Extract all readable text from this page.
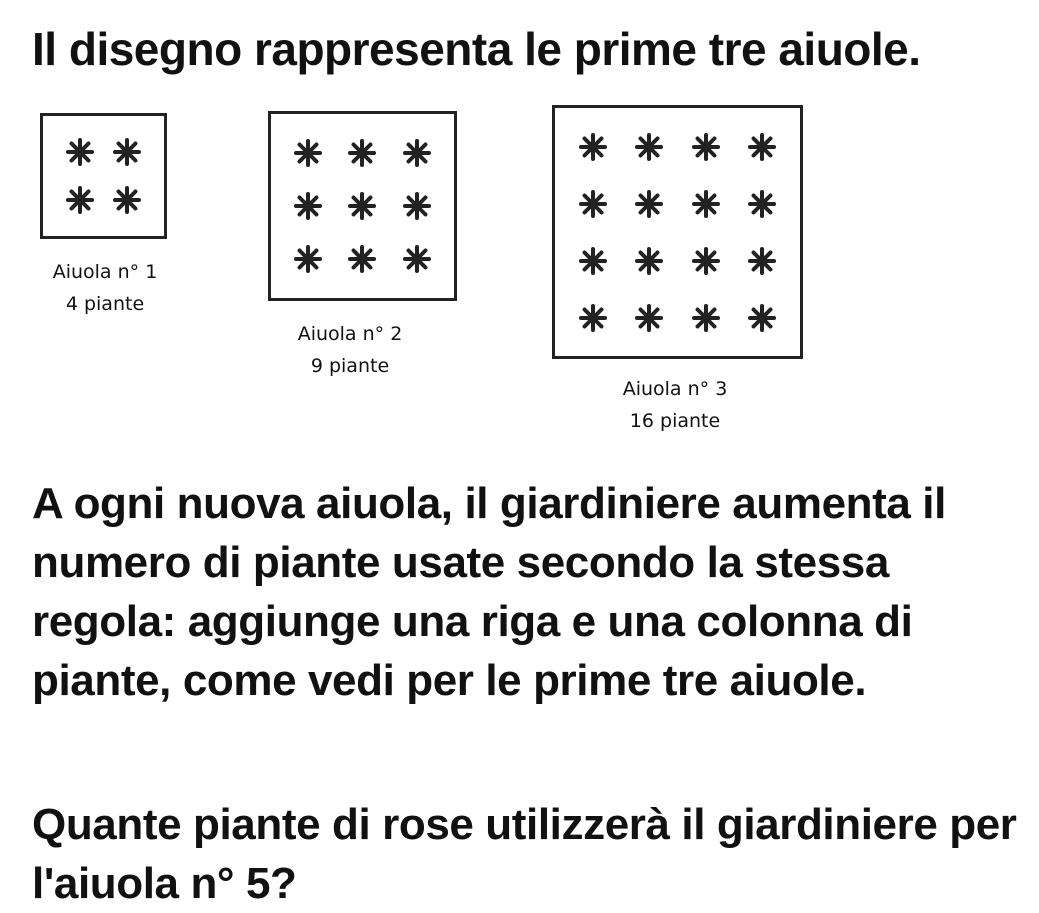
Il disegno rappresenta le prime tre aiuole.
Aiuola n° 1
4 piante
Aiuola n° 2
9 piante
Aiuola n° 3
16 piante

A ogni nuova aiuola, il giardiniere aumenta il numero di piante usate secondo la stessa regola: aggiunge una riga e una colonna di piante, come vedi per le prime tre aiuole.

Quante piante di rose utilizzerà il giardiniere per l'aiuola n° 5?
